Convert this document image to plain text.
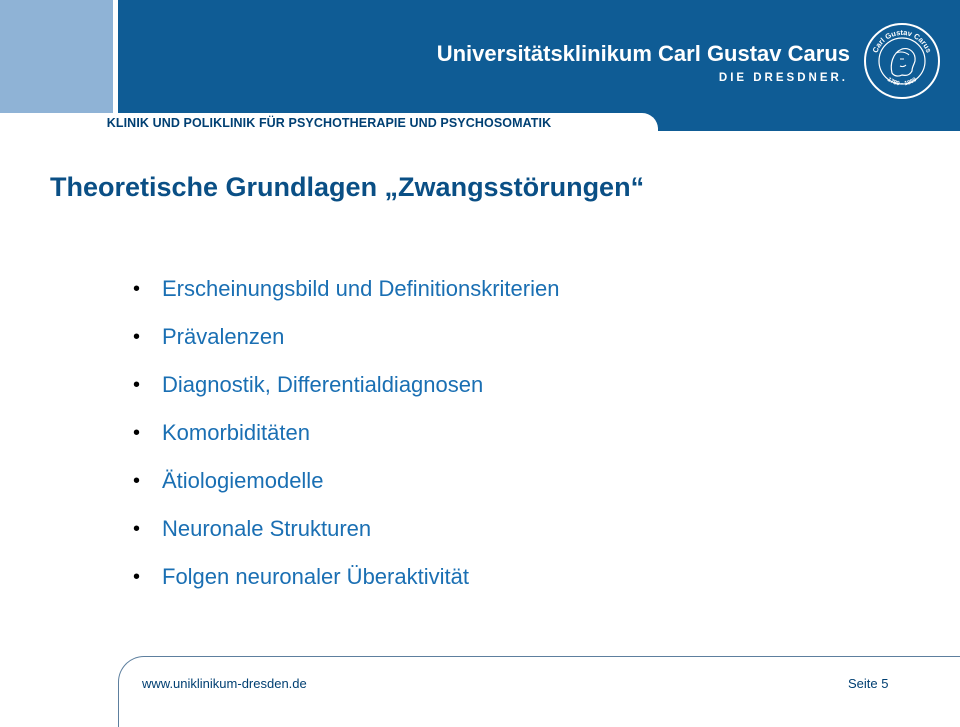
KLINIK UND POLIKLINIK FÜR PSYCHOTHERAPIE UND PSYCHOSOMATIK
Universitätsklinikum Carl Gustav Carus
DIE DRESDNER.
Carl Gustav Carus
1789 - 1869
Theoretische Grundlagen „Zwangsstörungen“
• Erscheinungsbild und Definitionskriterien
• Prävalenzen
• Diagnostik, Differentialdiagnosen
• Komorbiditäten
• Ätiologiemodelle
• Neuronale Strukturen
• Folgen neuronaler Überaktivität
www.uniklinikum-dresden.de	Seite 5
